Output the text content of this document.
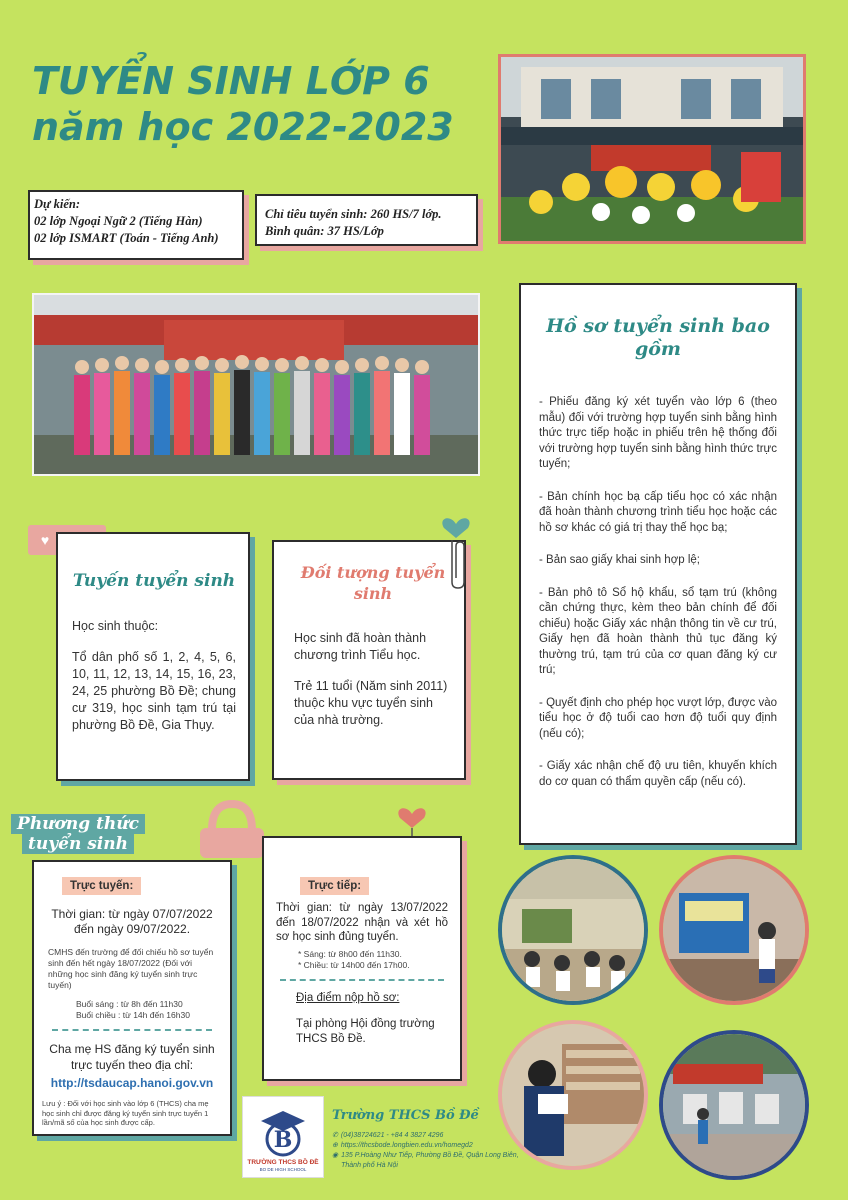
TUYỂN SINH LỚP 6
năm học 2022-2023
Dự kiến:
02 lớp Ngoại Ngữ 2 (Tiếng Hàn)
02 lớp ISMART (Toán - Tiếng Anh)
Chỉ tiêu tuyển sinh: 260 HS/7 lớp.
Bình quân: 37 HS/Lớp
Hồ sơ tuyển sinh bao gồm
- Phiếu đăng ký xét tuyển vào lớp 6 (theo mẫu) đối với trường hợp tuyển sinh bằng hình thức trực tiếp hoặc in phiếu trên hệ thống đối với trường hợp tuyển sinh bằng hình thức trực tuyến;
- Bản chính học bạ cấp tiểu học có xác nhận đã hoàn thành chương trình tiểu học hoặc các hồ sơ khác có giá trị thay thế học bạ;
- Bản sao giấy khai sinh hợp lệ;
- Bản phô tô Sổ hộ khẩu, sổ tạm trú (không cần chứng thực, kèm theo bản chính để đối chiếu) hoặc Giấy xác nhận thông tin về cư trú, Giấy hẹn đã hoàn thành thủ tục đăng ký thường trú, tạm trú của cơ quan đăng ký cư trú;
- Quyết định cho phép học vượt lớp, được vào tiểu học ở độ tuổi cao hơn độ tuổi quy định (nếu có);
- Giấy xác nhận chế độ ưu tiên, khuyến khích do cơ quan có thẩm quyền cấp (nếu có).
♥
Tuyến tuyển sinh
Học sinh thuộc:
Tổ dân phố số 1, 2, 4, 5, 6, 10, 11, 12, 13, 14, 15, 16, 23, 24, 25 phường Bồ Đề; chung cư 319, học sinh tạm trú tại phường Bồ Đề, Gia Thụy.
Đối tượng tuyển sinh
Học sinh đã hoàn thành chương trình Tiểu học.
Trẻ 11 tuổi (Năm sinh 2011) thuộc khu vực tuyển sinh của nhà trường.
Phương thức
tuyển sinh
Trực tuyến:
Thời gian: từ ngày 07/07/2022 đến ngày 09/07/2022.
CMHS đến trường để đối chiếu hồ sơ tuyển sinh đến hết ngày 18/07/2022 (Đối với những học sinh đăng ký tuyển sinh trực tuyến)
Buổi sáng : từ 8h đến 11h30
Buổi chiều : từ 14h đến 16h30
Cha mẹ HS đăng ký tuyển sinh trực tuyến theo địa chỉ:
http://tsdaucap.hanoi.gov.vn
Lưu ý : Đối với học sinh vào lớp 6 (THCS) cha mẹ học sinh chỉ được đăng ký tuyển sinh trực tuyến 1 lần/mã số của học sinh được cấp.
Trực tiếp:
Thời gian: từ ngày 13/07/2022 đến 18/07/2022 nhận và xét hồ sơ học sinh đủng tuyển.
* Sáng: từ 8h00 đến 11h30.
* Chiều: từ 14h00 đến 17h00.
Địa điểm nộp hồ sơ:
Tại phòng Hội đồng trường THCS Bồ Đề.
B
TRƯỜNG THCS BỒ ĐỀ
BO DE HIGH SCHOOL
Trường THCS Bồ Đề
✆ (04)38724621 - +84 4 3827 4296
⊕ https://thcsbode.longbien.edu.vn/homegd2
◉ 135 P.Hoàng Như Tiếp, Phường Bồ Đề, Quận Long Biên, Thành phố Hà Nội
